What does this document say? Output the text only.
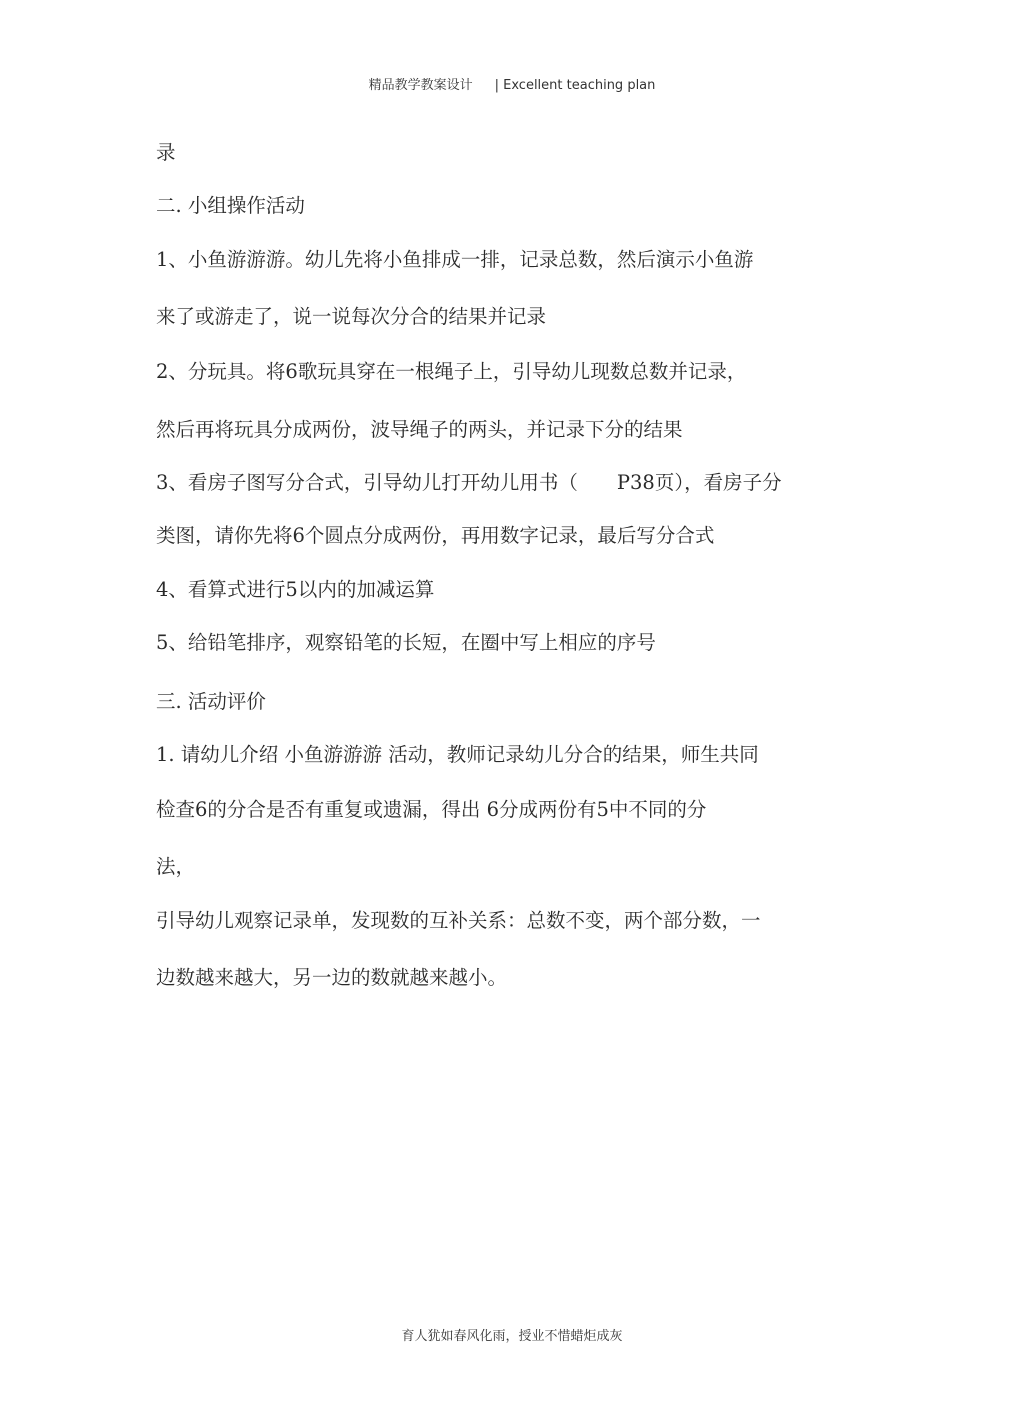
精品教学教案设计 | Excellent teaching plan
录
二. 小组操作活动
1、小鱼游游游。幼儿先将小鱼排成一排，记录总数，然后演示小鱼游
来了或游走了，说一说每次分合的结果并记录
2、分玩具。将6歌玩具穿在一根绳子上，引导幼儿现数总数并记录，
然后再将玩具分成两份，波导绳子的两头，并记录下分的结果
3、看房子图写分合式，引导幼儿打开幼儿用书（　　P38页），看房子分
类图，请你先将6个圆点分成两份，再用数字记录，最后写分合式
4、看算式进行5以内的加减运算
5、给铅笔排序，观察铅笔的长短，在圈中写上相应的序号
三. 活动评价
1. 请幼儿介绍 小鱼游游游 活动，教师记录幼儿分合的结果，师生共同
检查6的分合是否有重复或遗漏，得出 6分成两份有5中不同的分
法，
引导幼儿观察记录单，发现数的互补关系：总数不变，两个部分数，一
边数越来越大，另一边的数就越来越小。
育人犹如春风化雨，授业不惜蜡炬成灰
